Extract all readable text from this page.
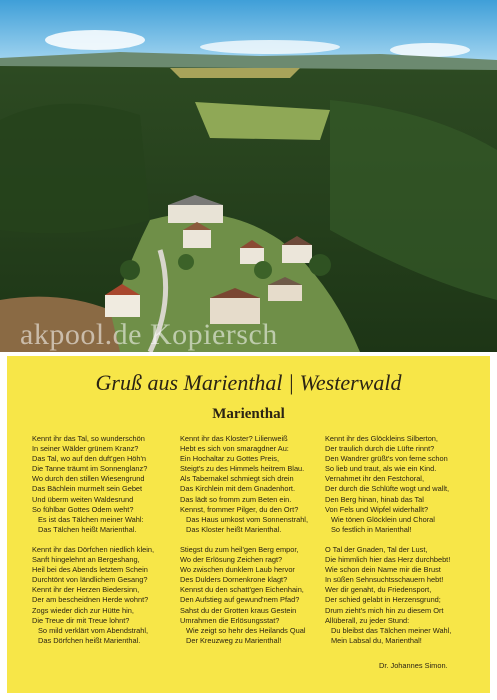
akpool.de Kopiersch
Gruß aus Marienthal | Westerwald
Marienthal
Kennt ihr das Tal, so wunderschön
In seiner Wälder grünem Kranz?
Das Tal, wo auf den duft'gen Höh'n
Die Tanne träumt im Sonnenglanz?
Wo durch den stillen Wiesengrund
Das Bächlein murmelt sein Gebet
Und überm weiten Waldesrund
So fühlbar Gottes Odem weht?
Es ist das Tälchen meiner Wahl:
Das Tälchen heißt Marienthal.
Kennt ihr das Dörfchen niedlich klein,
Sanft hingelehnt an Bergeshang,
Heil bei des Abends letztem Schein
Durchtönt von ländlichem Gesang?
Kennt ihr der Herzen Biedersinn,
Der am bescheidnen Herde wohnt?
Zogs wieder dich zur Hütte hin,
Die Treue dir mit Treue lohnt?
So mild verklärt vom Abendstrahl,
Das Dörfchen heißt Marienthal.
Kennt ihr das Kloster? Lilienweiß
Hebt es sich von smaragdner Au:
Ein Hochaltar zu Gottes Preis,
Steigt's zu des Himmels heitrem Blau.
Als Tabernakel schmiegt sich drein
Das Kirchlein mit dem Gnadenhort.
Das lädt so fromm zum Beten ein.
Kennst, frommer Pilger, du den Ort?
Das Haus umkost vom Sonnenstrahl,
Das Kloster heißt Marienthal.
Stiegst du zum heil'gen Berg empor,
Wo der Erlösung Zeichen ragt?
Wo zwischen dunklem Laub hervor
Des Dulders Dornenkrone klagt?
Kennst du den schatt'gen Eichenhain,
Den Aufstieg auf gewund'nem Pfad?
Sahst du der Grotten kraus Gestein
Umrahmen die Erlösungsstat?
Wie zeigt so hehr des Heilands Qual
Der Kreuzweg zu Marienthal!
Kennt ihr des Glöckleins Silberton,
Der traulich durch die Lüfte rinnt?
Den Wandrer grüßt's von ferne schon
So lieb und traut, als wie ein Kind.
Vernahmet ihr den Festchoral,
Der durch die Schlüfte wogt und wallt,
Den Berg hinan, hinab das Tal
Von Fels und Wipfel widerhallt?
Wie tönen Glöcklein und Choral
So festlich in Marienthal!
O Tal der Gnaden, Tal der Lust,
Die himmlich hier das Herz durchbebt!
Wie schon dein Name mir die Brust
In süßen Sehnsuchtsschauern hebt!
Wer dir genaht, du Friedensport,
Der schied gelabt in Herzensgrund;
Drum zieht's mich hin zu diesem Ort
Allüberall, zu jeder Stund:
Du bleibst das Tälchen meiner Wahl,
Mein Labsal du, Marienthal!
Dr. Johannes Simon.
